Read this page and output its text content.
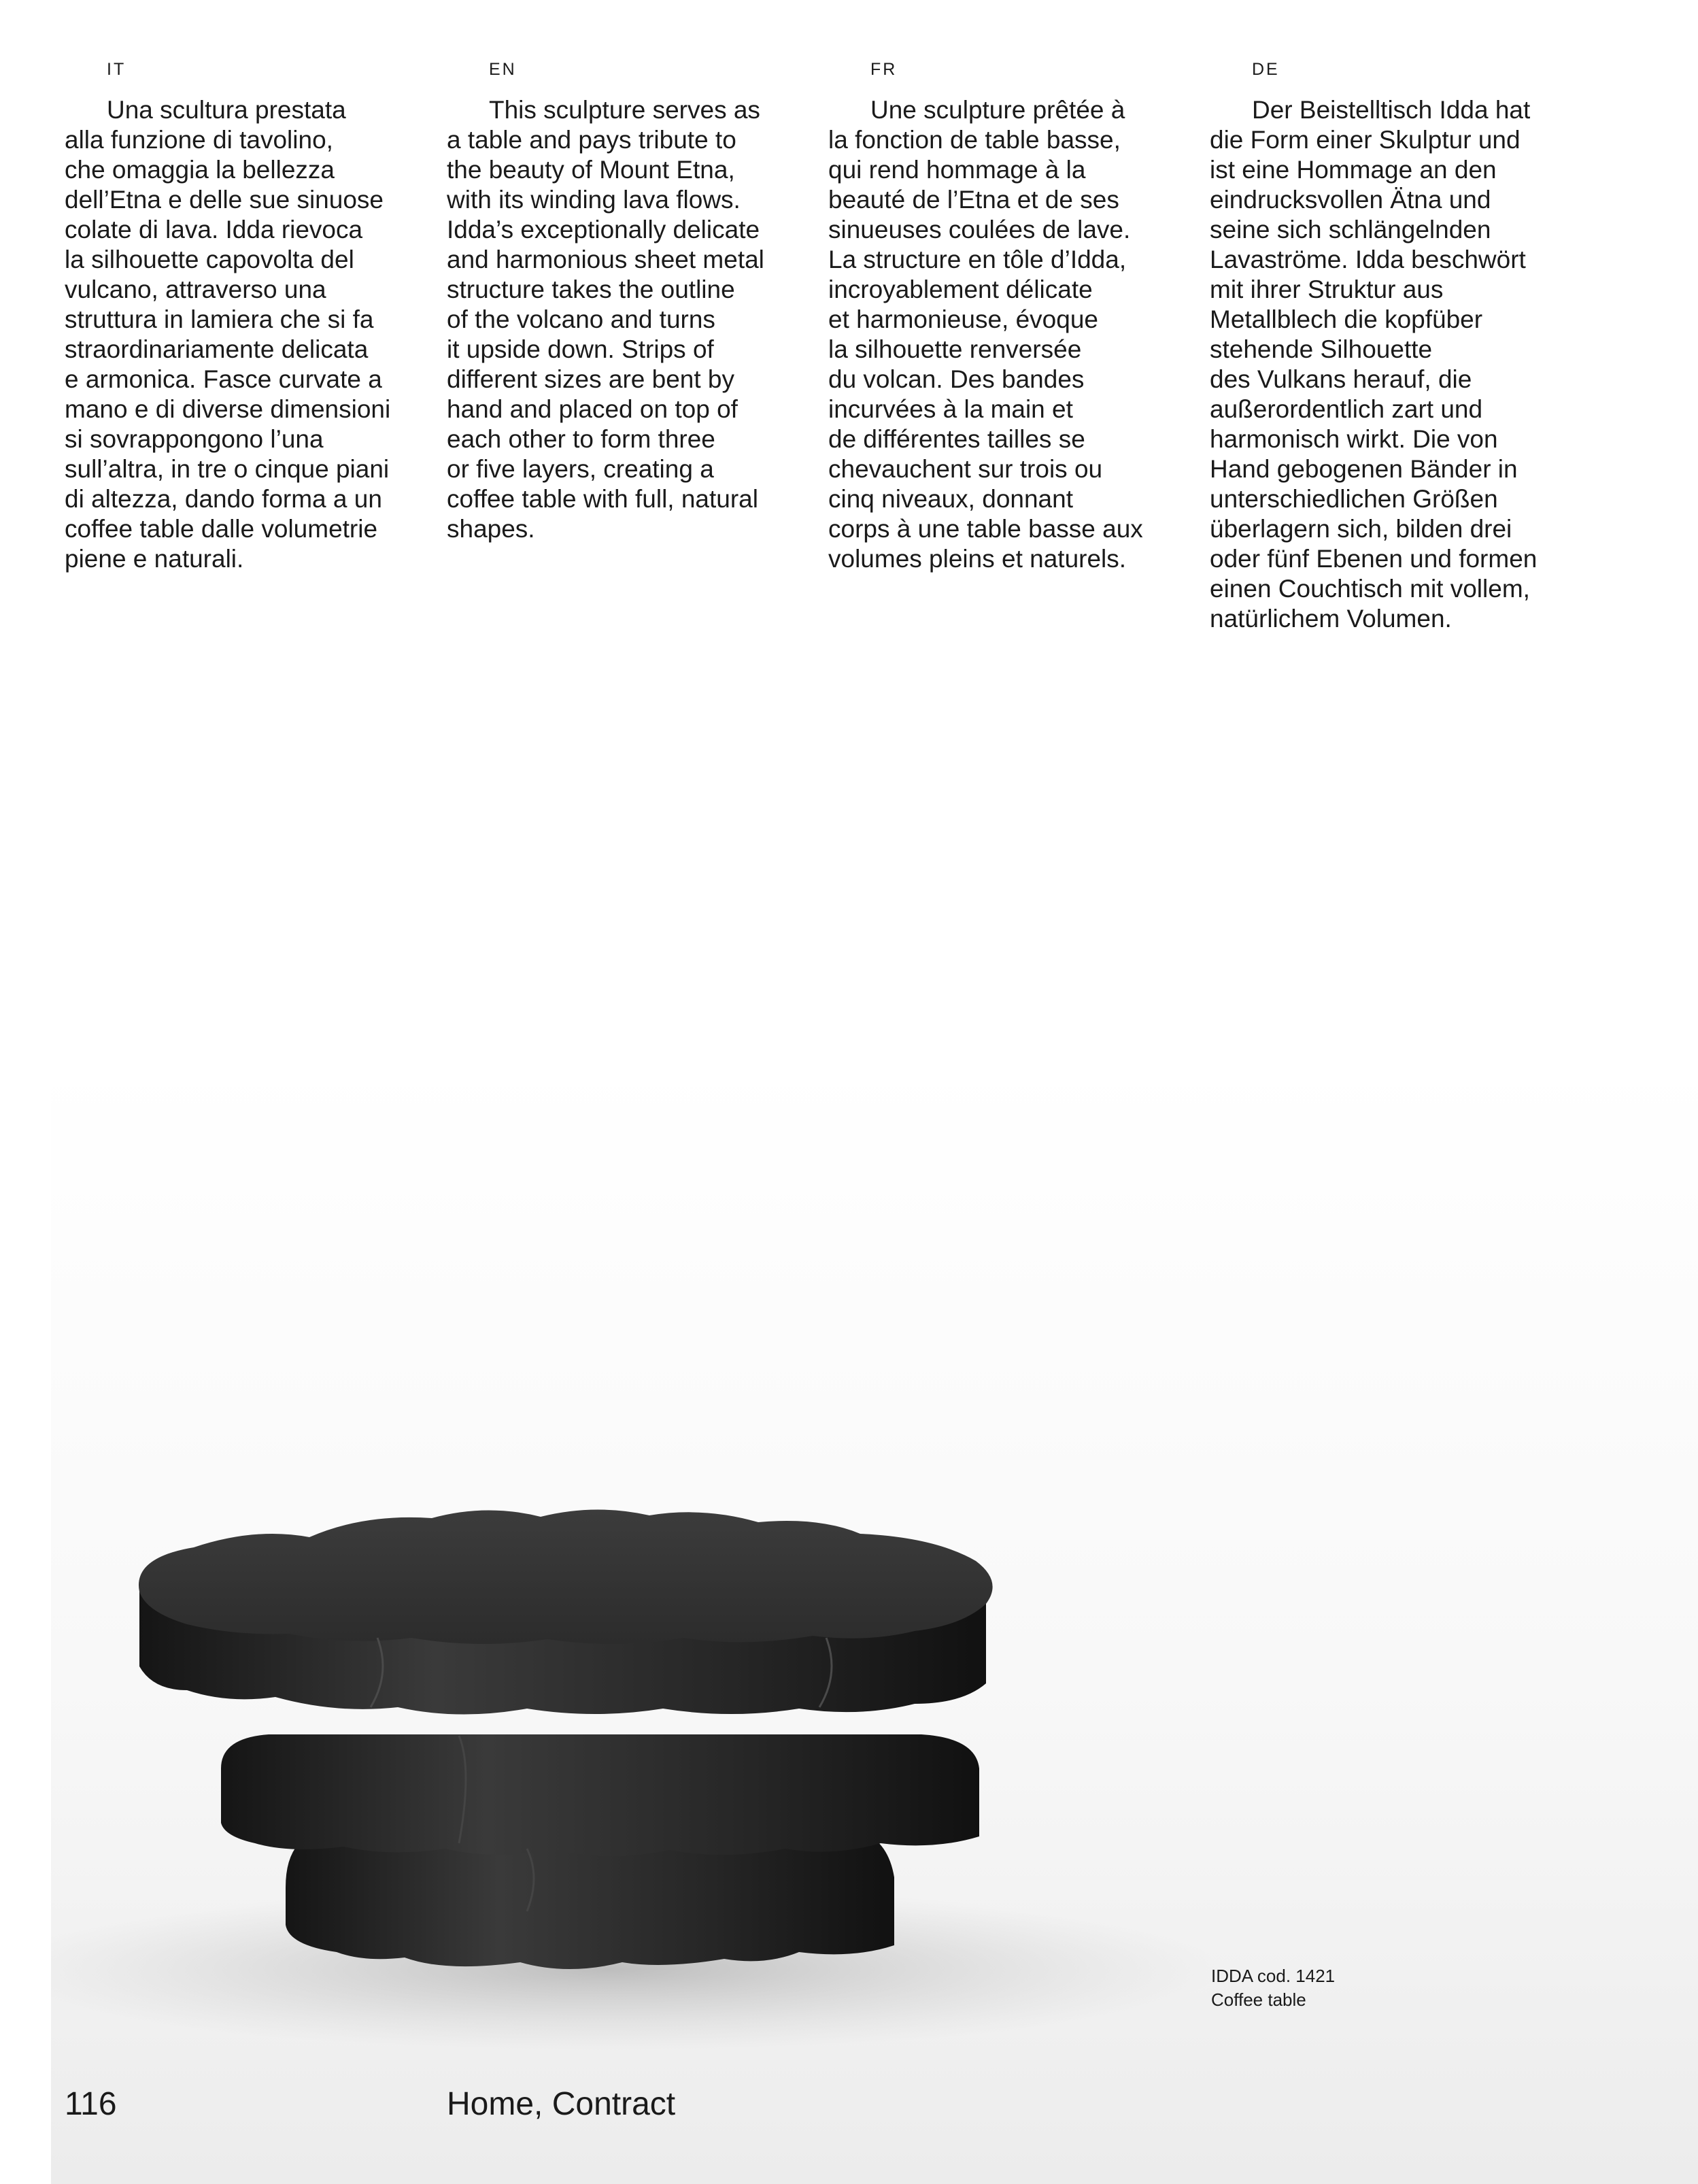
IT

Una scultura prestata
alla funzione di tavolino,
che omaggia la bellezza
dell’Etna e delle sue sinuose
colate di lava. Idda rievoca
la silhouette capovolta del
vulcano, attraverso una
struttura in lamiera che si fa
straordinariamente delicata
e armonica. Fasce curvate a
mano e di diverse dimensioni
si sovrappongono l’una
sull’altra, in tre o cinque piani
di altezza, dando forma a un
coffee table dalle volumetrie
piene e naturali.

EN

This sculpture serves as
a table and pays tribute to
the beauty of Mount Etna,
with its winding lava flows.
Idda’s exceptionally delicate
and harmonious sheet metal
structure takes the outline
of the volcano and turns
it upside down. Strips of
different sizes are bent by
hand and placed on top of
each other to form three
or five layers, creating a
coffee table with full, natural
shapes.

FR

Une sculpture prêtée à
la fonction de table basse,
qui rend hommage à la
beauté de l’Etna et de ses
sinueuses coulées de lave.
La structure en tôle d’Idda,
incroyablement délicate
et harmonieuse, évoque
la silhouette renversée
du volcan. Des bandes
incurvées à la main et
de différentes tailles se
chevauchent sur trois ou
cinq niveaux, donnant
corps à une table basse aux
volumes pleins et naturels.

DE

Der Beistelltisch Idda hat
die Form einer Skulptur und
ist eine Hommage an den
eindrucksvollen Ätna und
seine sich schlängelnden
Lavaströme. Idda beschwört
mit ihrer Struktur aus
Metallblech die kopfüber
stehende Silhouette
des Vulkans herauf, die
außerordentlich zart und
harmonisch wirkt. Die von
Hand gebogenen Bänder in
unterschiedlichen Größen
überlagern sich, bilden drei
oder fünf Ebenen und formen
einen Couchtisch mit vollem,
natürlichem Volumen.

IDDA cod. 1421
Coffee table
116	Home, Contract
